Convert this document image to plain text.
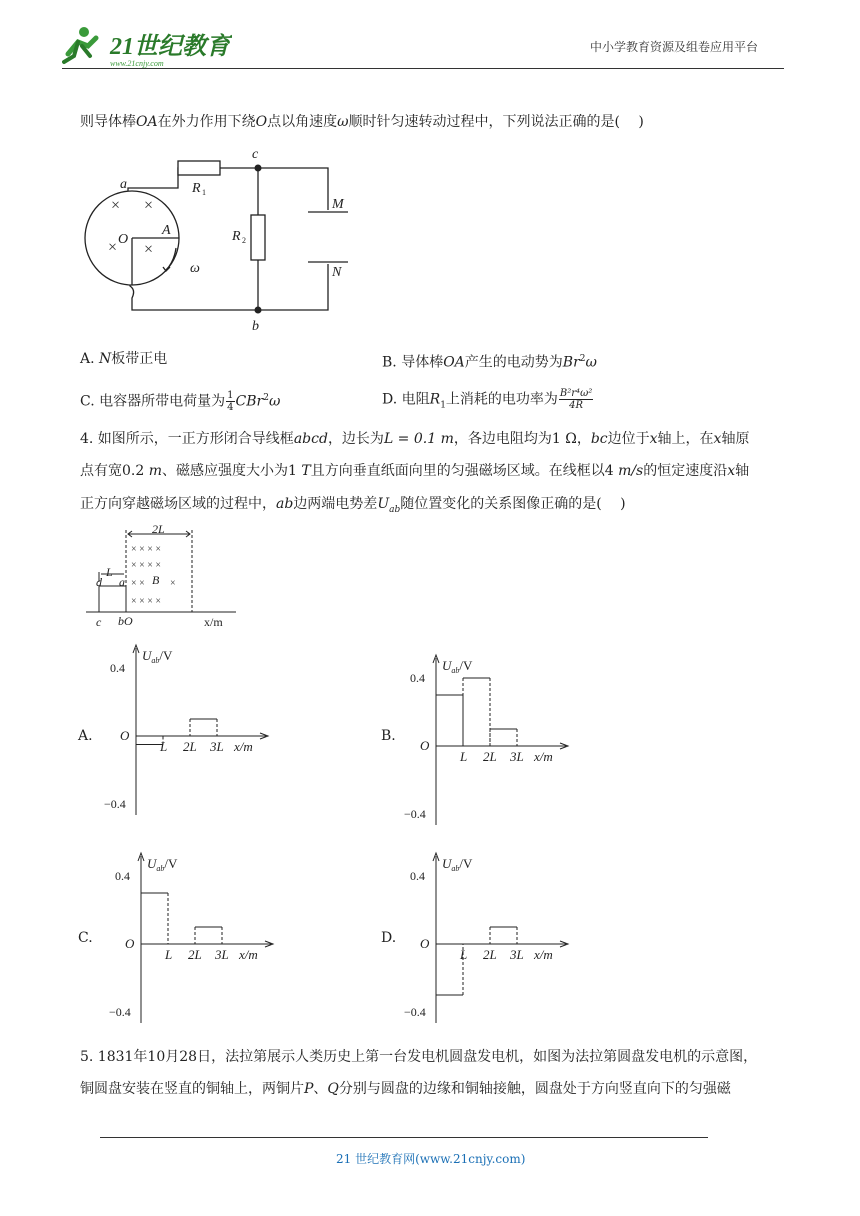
21世纪教育
www.21cnjy.com
中小学教育资源及组卷应用平台
则导体棒OA在外力作用下绕O点以角速度ω顺时针匀速转动过程中，下列说法正确的是(　 )
× ×
× ×
a
c
b
O
A
R
R
M
N
ω
1
2
A. N板带正电	B. 导体棒OA产生的电动势为Br$^2$ω
C. 电容器所带电荷量为 $\frac{1}{4} CBr^2\omega$	D. 电阻$R_1$上消耗的电功率为 $\frac{\text{B²r⁴ω²}}{4R}$
4. 如图所示，一正方形闭合导线框abcd，边长为L = 0.1 m，各边电阻均为1 Ω，bc边位于x轴上，在x轴原
点有宽0.2 m、磁感应强度大小为1 T且方向垂直纸面向里的匀强磁场区域。在线框以4 m/s的恒定速度沿x轴
正方向穿越磁场区域的过程中，ab边两端电势差$U_{ab}$随位置变化的关系图像正确的是(　 )
× × × ×
× × × ×
× ×	×
× × × ×
2L
L
d a B
c bO	x/m
A.	B.
C.	D.
$U_{ab}/V$
0.4
−0.4
O
L 2L 3L x/m
$U_{ab}/V$
0.4
−0.4
O
L 2L 3L x/m
$U_{ab}/V$
0.4
−0.4
O
L 2L 3L x/m
$U_{ab}/V$
0.4
−0.4
O
L 2L 3L x/m
5. 1831年10月28日，法拉第展示人类历史上第一台发电机圆盘发电机，如图为法拉第圆盘发电机的示意图，
铜圆盘安装在竖直的铜轴上，两铜片P、Q分别与圆盘的边缘和铜轴接触，圆盘处于方向竖直向下的匀强磁
21 世纪教育网(www.21cnjy.com)
